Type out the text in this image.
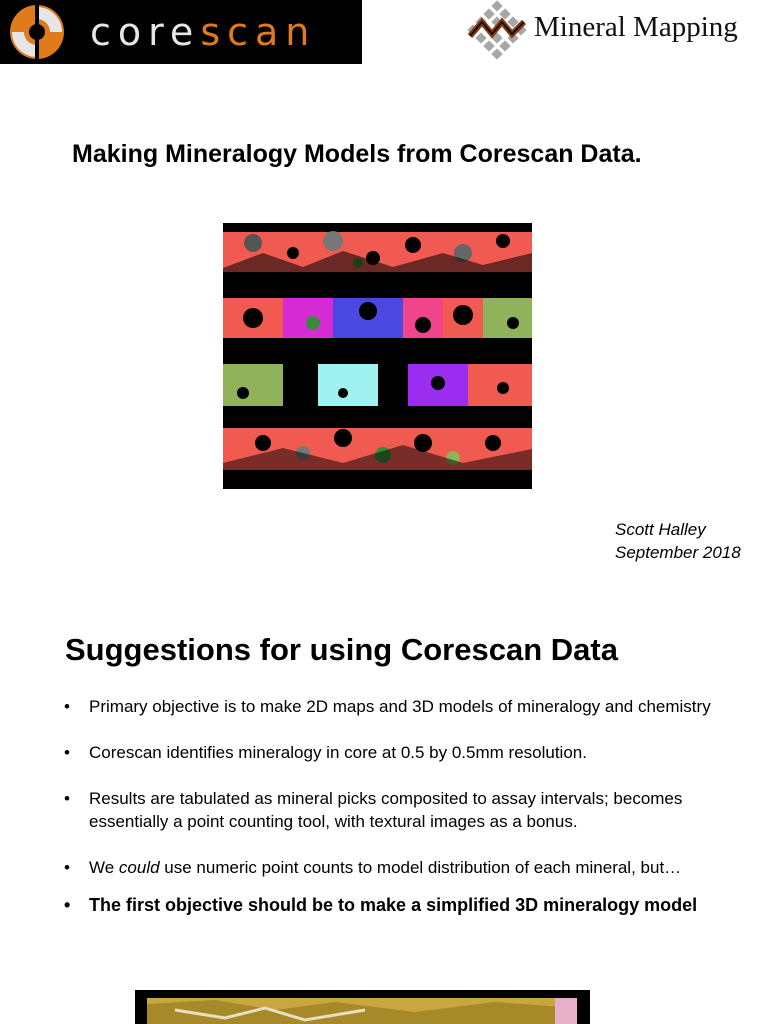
corescan	Mineral Mapping
Making Mineralogy Models from Corescan Data.
Scott Halley
September 2018
Suggestions for using Corescan Data
• Primary objective is to make 2D maps and 3D models of mineralogy and chemistry
• Corescan identifies mineralogy in core at 0.5 by 0.5mm resolution.
• Results are tabulated as mineral picks composited to assay intervals; becomes essentially a point counting tool, with textural images as a bonus.
• We could use numeric point counts to model distribution of each mineral, but…
• The first objective should be to make a simplified 3D mineralogy model
